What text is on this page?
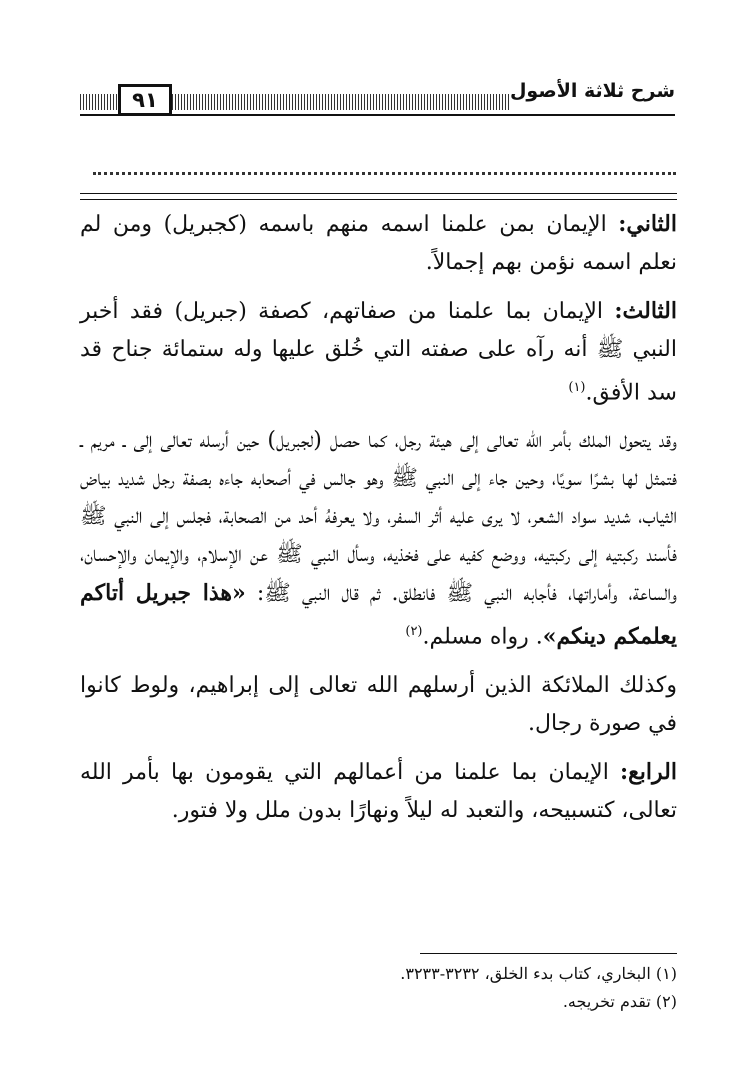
٩١	شرح ثلاثة الأصول

الثاني: الإيمان بمن علمنا اسمه منهم باسمه (كجبريل) ومن لم نعلم اسمه نؤمن بهم إجمالاً.

الثالث: الإيمان بما علمنا من صفاتهم، كصفة (جبريل) فقد أخبر النبي ﷺ أنه رآه على صفته التي خُلق عليها وله ستمائة جناح قد سد الأفق.$^{(١)}$

وقد يتحول الملك بأمر الله تعالى إلى هيئة رجل، كما حصل (لجبريل) حين أرسله تعالى إلى ـ مريم ـ فتمثل لها بشرًا سويًا، وحين جاء إلى النبي ﷺ وهو جالس في أصحابه جاءه بصفة رجل شديد بياض الثياب، شديد سواد الشعر، لا يرى عليه أثر السفر، ولا يعرفهُ أحد من الصحابة، فجلس إلى النبي ﷺ فأسند ركبتيه إلى ركبتيه، ووضع كفيه على فخذيه، وسأل النبي ﷺ عن الإسلام، والإيمان والإحسان، والساعة، وأماراتها، فأجابه النبي ﷺ فانطلق. ثم قال النبي ﷺ: «هذا جبريل أتاكم يعلمكم دينكم». رواه مسلم.$^{(٢)}$

وكذلك الملائكة الذين أرسلهم الله تعالى إلى إبراهيم، ولوط كانوا في صورة رجال.

الرابع: الإيمان بما علمنا من أعمالهم التي يقومون بها بأمر الله تعالى، كتسبيحه، والتعبد له ليلاً ونهارًا بدون ملل ولا فتور.

(١) البخاري، كتاب بدء الخلق، ٣٢٣٢-٣٢٣٣.

(٢) تقدم تخريجه.
